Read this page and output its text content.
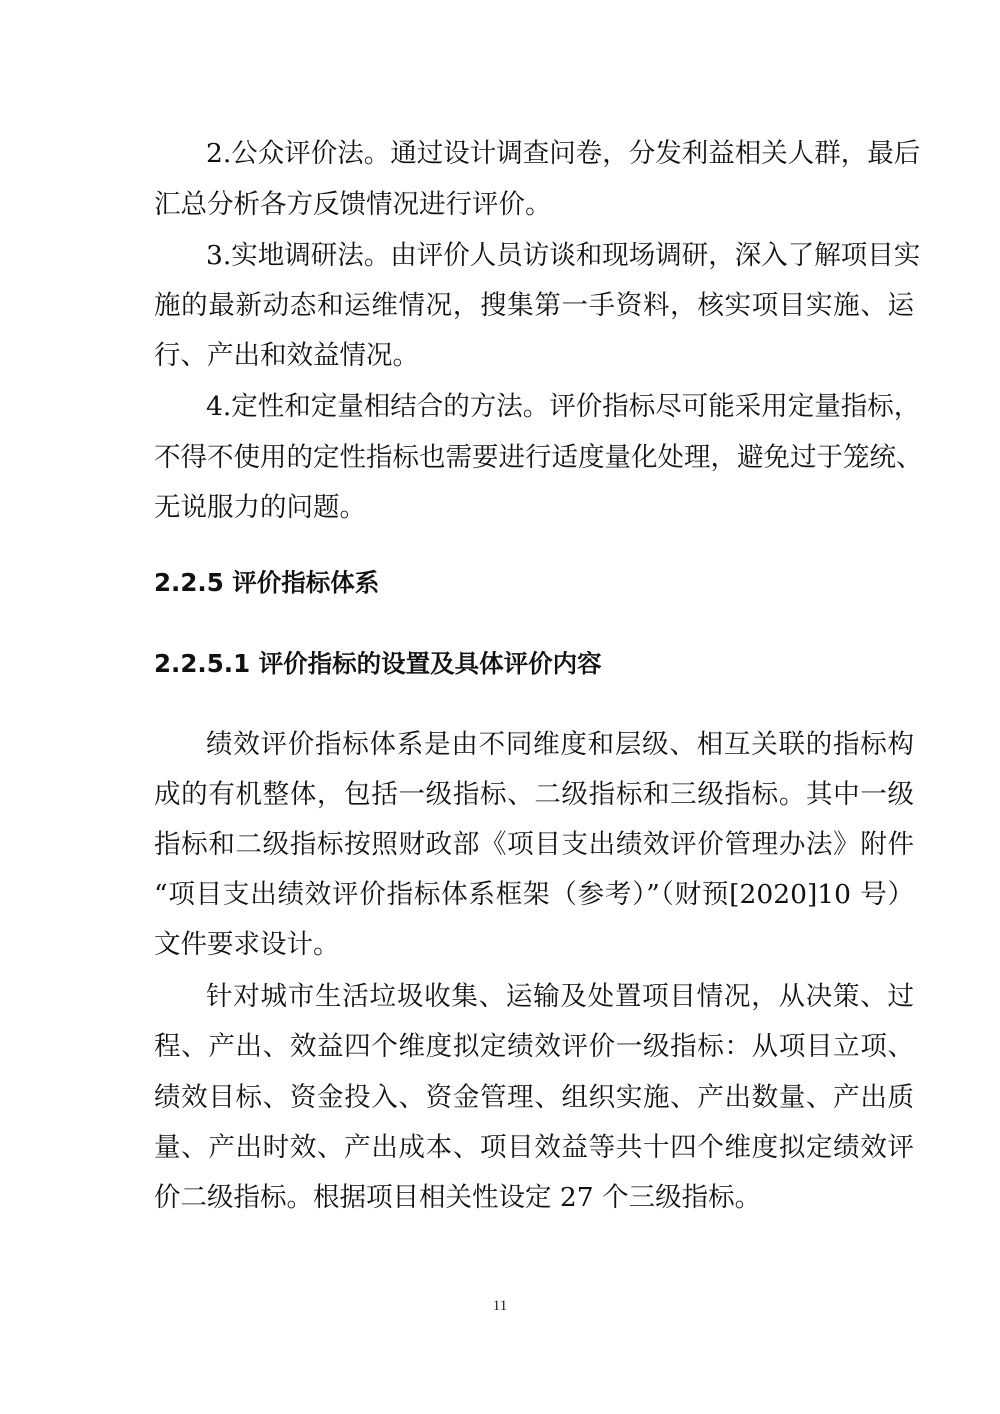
2.公众评价法。通过设计调查问卷，分发利益相关人群，最后
汇总分析各方反馈情况进行评价。
3.实地调研法。由评价人员访谈和现场调研，深入了解项目实
施的最新动态和运维情况，搜集第一手资料，核实项目实施、运
行、产出和效益情况。
4.定性和定量相结合的方法。评价指标尽可能采用定量指标，
不得不使用的定性指标也需要进行适度量化处理，避免过于笼统、
无说服力的问题。
2.2.5 评价指标体系
2.2.5.1 评价指标的设置及具体评价内容
绩效评价指标体系是由不同维度和层级、相互关联的指标构
成的有机整体，包括一级指标、二级指标和三级指标。其中一级
指标和二级指标按照财政部《项目支出绩效评价管理办法》附件
“项目支出绩效评价指标体系框架（参考）”（财预[2020]10 号）
文件要求设计。
针对城市生活垃圾收集、运输及处置项目情况，从决策、过
程、产出、效益四个维度拟定绩效评价一级指标：从项目立项、
绩效目标、资金投入、资金管理、组织实施、产出数量、产出质
量、产出时效、产出成本、项目效益等共十四个维度拟定绩效评
价二级指标。根据项目相关性设定 27 个三级指标。
11
